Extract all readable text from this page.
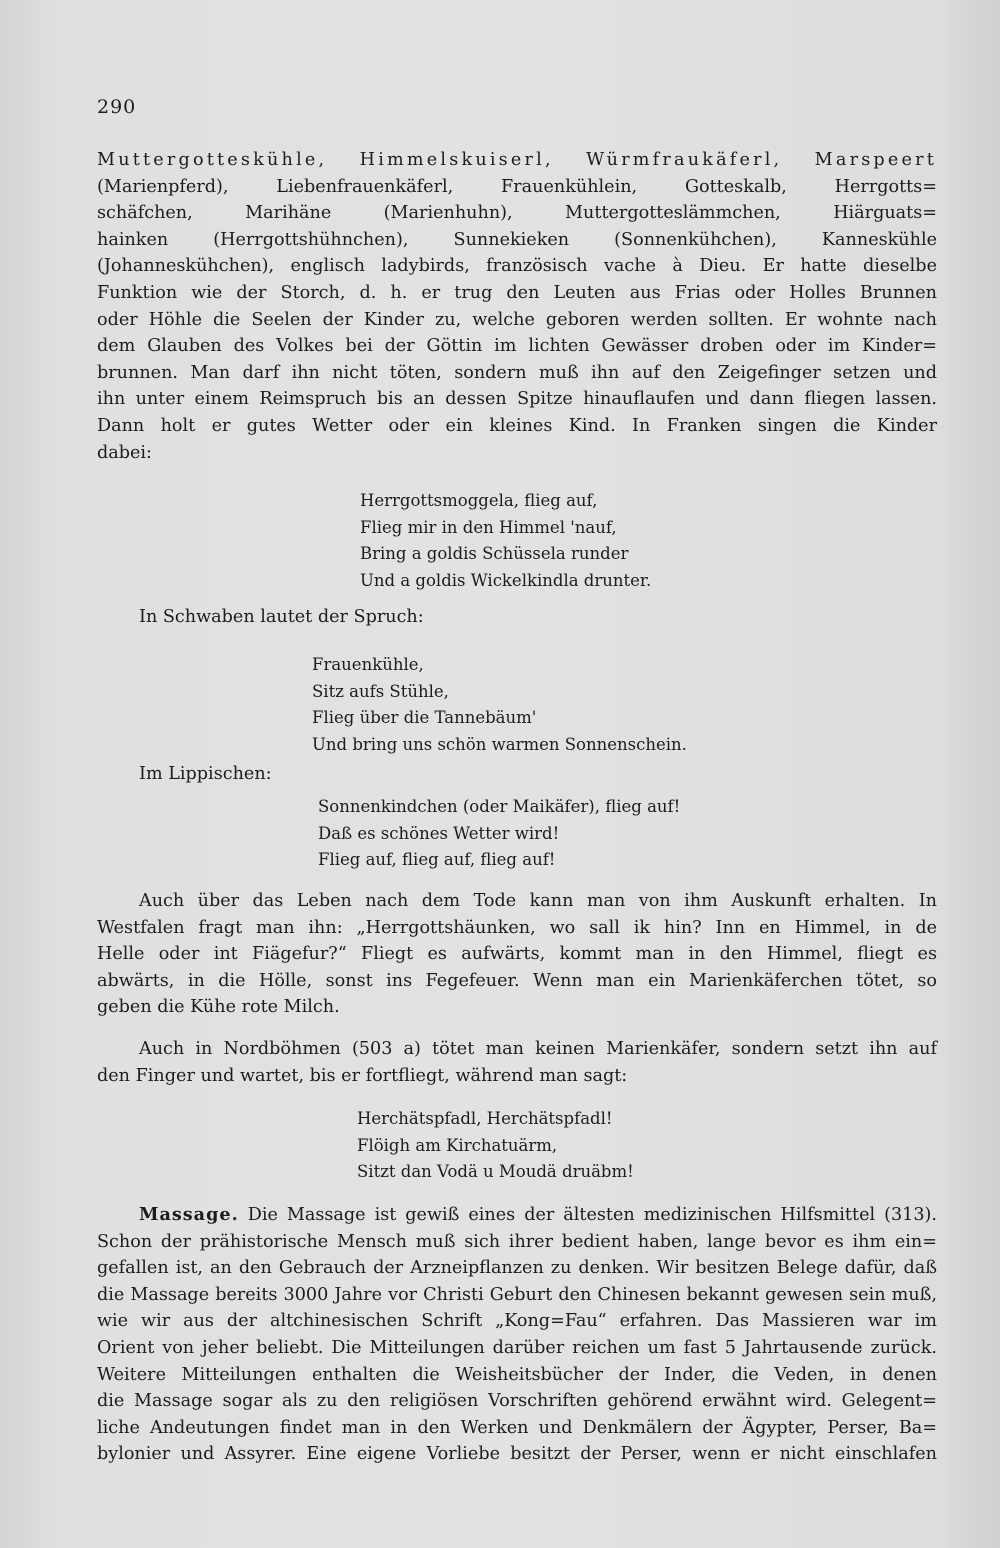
290
Muttergotteskühle, Himmelskuiserl, Würmfraukäferl, Marspeert
(Marienpferd), Liebenfrauenkäferl, Frauenkühlein, Gotteskalb, Herrgotts=
schäfchen, Marihäne (Marienhuhn), Muttergotteslämmchen, Hiärguats=
hainken (Herrgottshühnchen), Sunnekieken (Sonnenkühchen), Kanneskühle
(Johanneskühchen), englisch ladybirds, französisch vache à Dieu. Er hatte dieselbe
Funktion wie der Storch, d. h. er trug den Leuten aus Frias oder Holles Brunnen
oder Höhle die Seelen der Kinder zu, welche geboren werden sollten. Er wohnte nach
dem Glauben des Volkes bei der Göttin im lichten Gewässer droben oder im Kinder=
brunnen. Man darf ihn nicht töten, sondern muß ihn auf den Zeigefinger setzen und
ihn unter einem Reimspruch bis an dessen Spitze hinauflaufen und dann fliegen lassen.
Dann holt er gutes Wetter oder ein kleines Kind. In Franken singen die Kinder
dabei:
Herrgottsmoggela, flieg auf,
Flieg mir in den Himmel 'nauf,
Bring a goldis Schüssela runder
Und a goldis Wickelkindla drunter.
In Schwaben lautet der Spruch:
Frauenkühle,
Sitz aufs Stühle,
Flieg über die Tannebäum'
Und bring uns schön warmen Sonnenschein.
Im Lippischen:
Sonnenkindchen (oder Maikäfer), flieg auf!
Daß es schönes Wetter wird!
Flieg auf, flieg auf, flieg auf!
Auch über das Leben nach dem Tode kann man von ihm Auskunft erhalten. In
Westfalen fragt man ihn: „Herrgottshäunken, wo sall ik hin? Inn en Himmel, in de
Helle oder int Fiägefur?“ Fliegt es aufwärts, kommt man in den Himmel, fliegt es
abwärts, in die Hölle, sonst ins Fegefeuer. Wenn man ein Marienkäferchen tötet, so
geben die Kühe rote Milch.
Auch in Nordböhmen (503 a) tötet man keinen Marienkäfer, sondern setzt ihn auf
den Finger und wartet, bis er fortfliegt, während man sagt:
Herchätspfadl, Herchätspfadl!
Flöigh am Kirchatuärm,
Sitzt dan Vodä u Moudä druäbm!
Massage. Die Massage ist gewiß eines der ältesten medizinischen Hilfsmittel (313).
Schon der prähistorische Mensch muß sich ihrer bedient haben, lange bevor es ihm ein=
gefallen ist, an den Gebrauch der Arzneipflanzen zu denken. Wir besitzen Belege dafür, daß
die Massage bereits 3000 Jahre vor Christi Geburt den Chinesen bekannt gewesen sein muß,
wie wir aus der altchinesischen Schrift „Kong=Fau“ erfahren. Das Massieren war im
Orient von jeher beliebt. Die Mitteilungen darüber reichen um fast 5 Jahrtausende zurück.
Weitere Mitteilungen enthalten die Weisheitsbücher der Inder, die Veden, in denen
die Massage sogar als zu den religiösen Vorschriften gehörend erwähnt wird. Gelegent=
liche Andeutungen findet man in den Werken und Denkmälern der Ägypter, Perser, Ba=
bylonier und Assyrer. Eine eigene Vorliebe besitzt der Perser, wenn er nicht einschlafen
